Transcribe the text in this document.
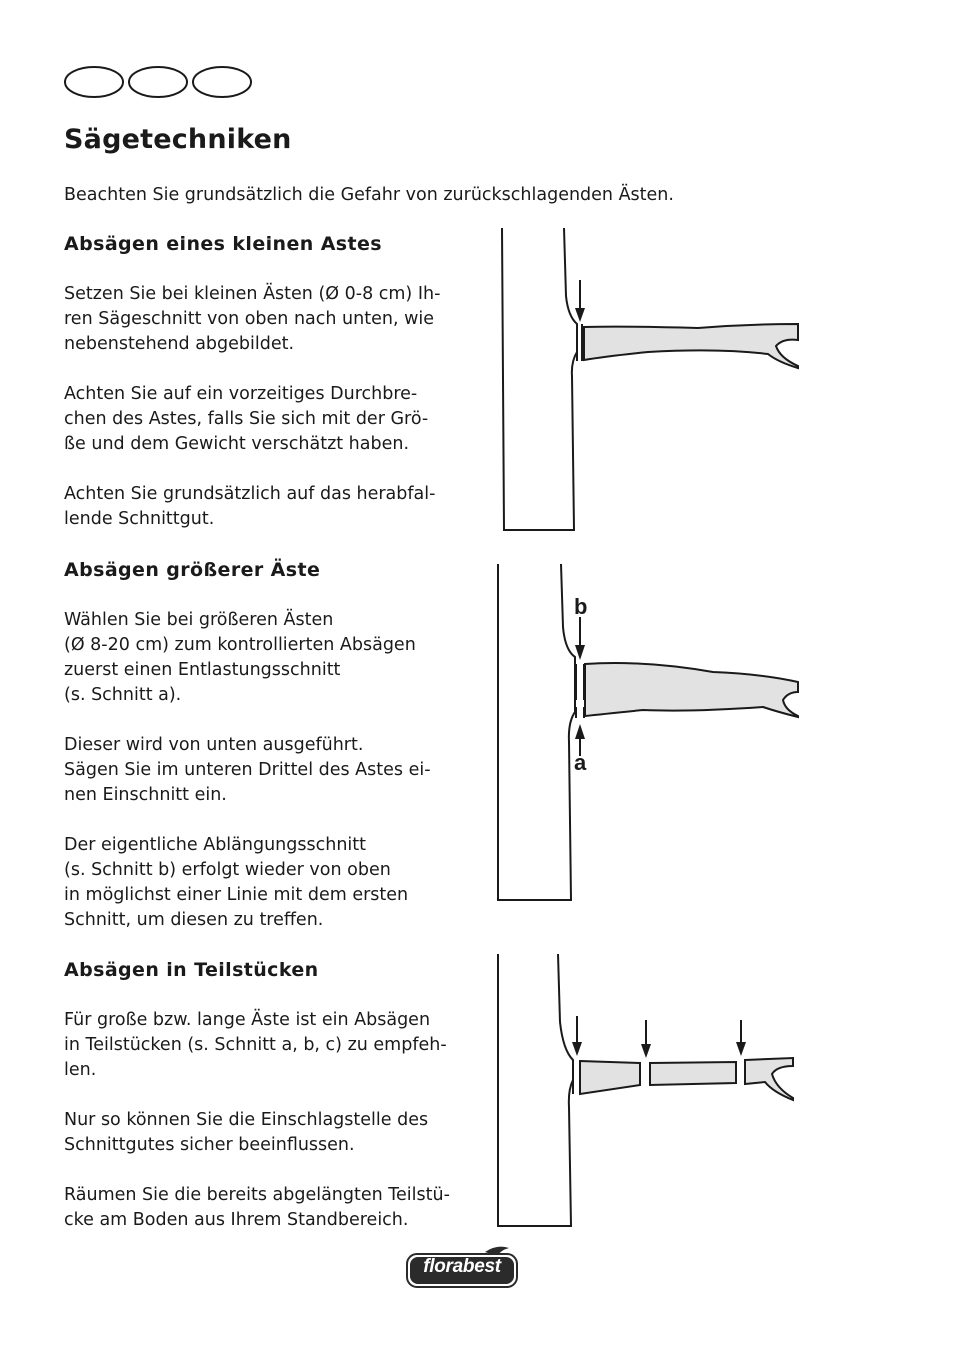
Sägetechniken

Beachten Sie grundsätzlich die Gefahr von zurückschlagenden Ästen.

Absägen eines kleinen Astes

Setzen Sie bei kleinen Ästen (Ø 0-8 cm) Ih-
ren Sägeschnitt von oben nach unten, wie
nebenstehend abgebildet.

Achten Sie auf ein vorzeitiges Durchbre-
chen des Astes, falls Sie sich mit der Grö-
ße und dem Gewicht verschätzt haben.

Achten Sie grundsätzlich auf das herabfal-
lende Schnittgut.

Absägen größerer Äste

Wählen Sie bei größeren Ästen
(Ø 8-20 cm) zum kontrollierten Absägen
zuerst einen Entlastungsschnitt
(s. Schnitt a).

Dieser wird von unten ausgeführt.
Sägen Sie im unteren Drittel des Astes ei-
nen Einschnitt ein.

Der eigentliche Ablängungsschnitt
(s. Schnitt b) erfolgt wieder von oben
in möglichst einer Linie mit dem ersten
Schnitt, um diesen zu treffen.

Absägen in Teilstücken

Für große bzw. lange Äste ist ein Absägen
in Teilstücken (s. Schnitt a, b, c) zu empfeh-
len.

Nur so können Sie die Einschlagstelle des
Schnittgutes sicher beeinflussen.

Räumen Sie die bereits abgelängten Teilstü-
cke am Boden aus Ihrem Standbereich.

b
a
florabest
